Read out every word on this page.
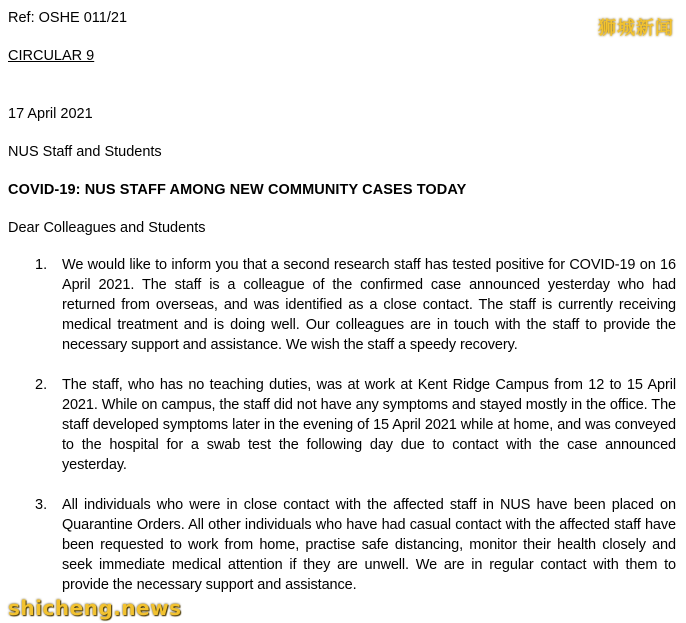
Ref: OSHE 011/21
CIRCULAR 9
17 April 2021
NUS Staff and Students
COVID-19: NUS STAFF AMONG NEW COMMUNITY CASES TODAY
Dear Colleagues and Students
1. We would like to inform you that a second research staff has tested positive for COVID-19 on 16 April 2021. The staff is a colleague of the confirmed case announced yesterday who had returned from overseas, and was identified as a close contact. The staff is currently receiving medical treatment and is doing well. Our colleagues are in touch with the staff to provide the necessary support and assistance. We wish the staff a speedy recovery.
2. The staff, who has no teaching duties, was at work at Kent Ridge Campus from 12 to 15 April 2021. While on campus, the staff did not have any symptoms and stayed mostly in the office. The staff developed symptoms later in the evening of 15 April 2021 while at home, and was conveyed to the hospital for a swab test the following day due to contact with the case announced yesterday.
3. All individuals who were in close contact with the affected staff in NUS have been placed on Quarantine Orders. All other individuals who have had casual contact with the affected staff have been requested to work from home, practise safe distancing, monitor their health closely and seek immediate medical attention if they are unwell. We are in regular contact with them to provide the necessary support and assistance.
狮城新闻
shicheng.news
